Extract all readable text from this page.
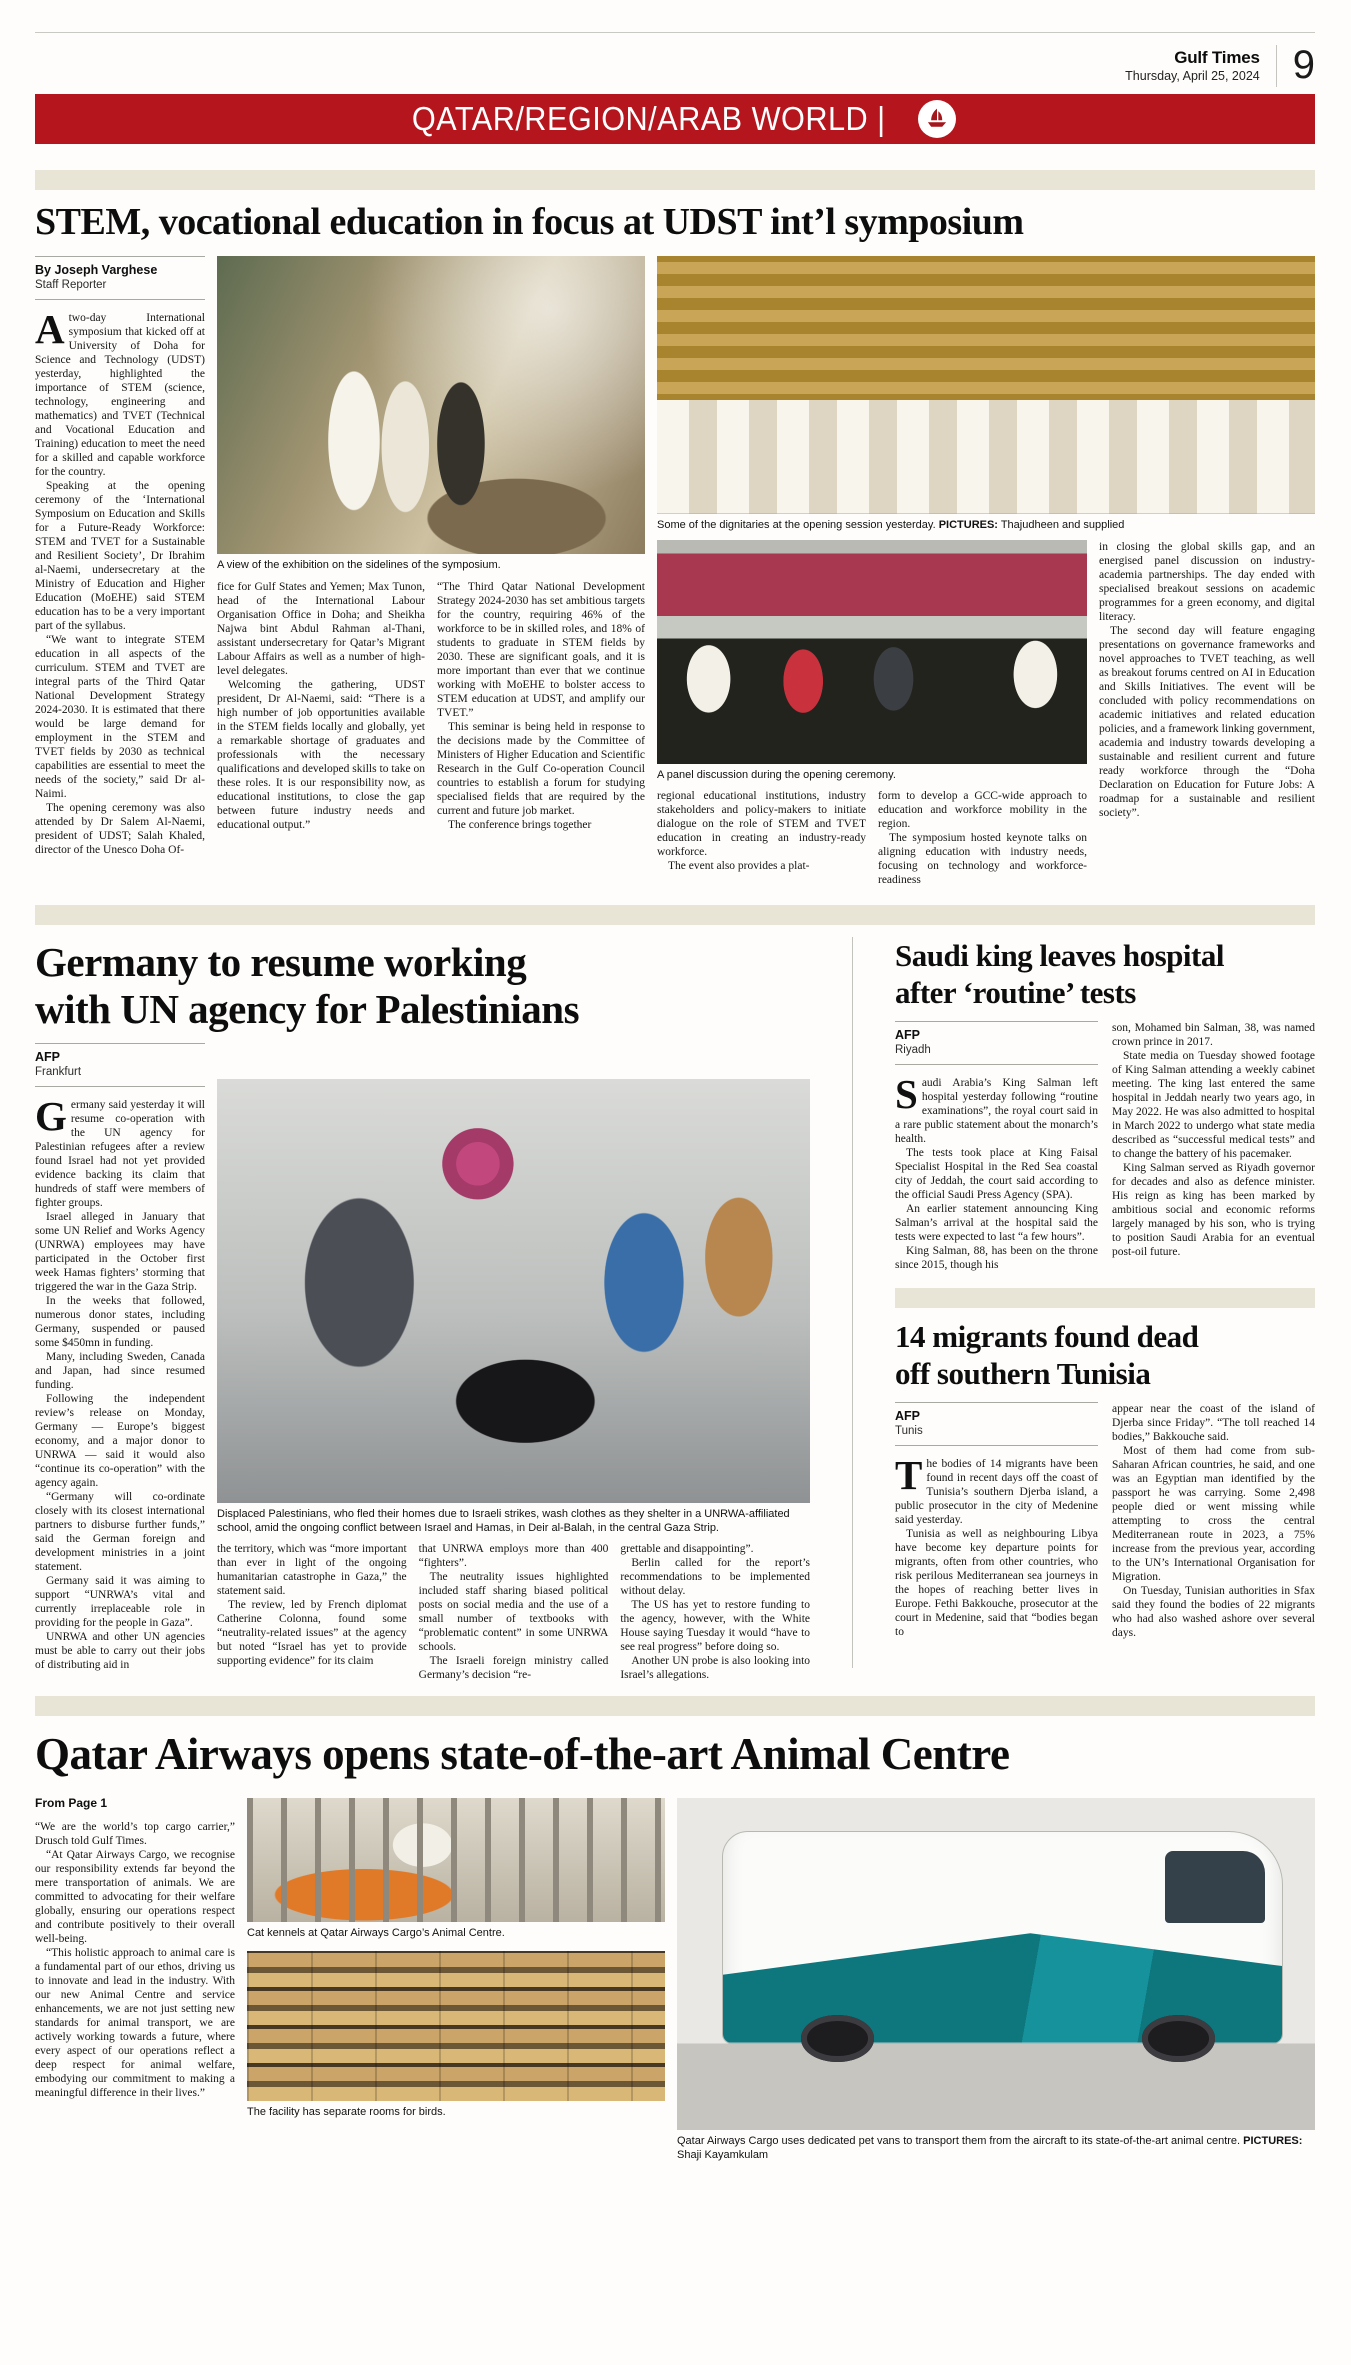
Gulf Times
Thursday, April 25, 2024 9
QATAR/REGION/ARAB WORLD |
STEM, vocational education in focus at UDST int’l symposium
By Joseph Varghese
Staff Reporter

Atwo-day International symposium that kicked off at University of Doha for Science and Technology (UDST) yesterday, highlighted the importance of STEM (science, technology, engineering and mathematics) and TVET (Technical and Vocational Education and Training) education to meet the need for a skilled and capable workforce for the country.

Speaking at the opening ceremony of the ‘International Symposium on Education and Skills for a Future-Ready Workforce: STEM and TVET for a Sustainable and Resilient Society’, Dr Ibrahim al-Naemi, undersecretary at the Ministry of Education and Higher Education (MoEHE) said STEM education has to be a very important part of the syllabus.

“We want to integrate STEM education in all aspects of the curriculum. STEM and TVET are integral parts of the Third Qatar National Development Strategy 2024-2030. It is estimated that there would be large demand for employment in the STEM and TVET fields by 2030 as technical capabilities are essential to meet the needs of the society,” said Dr al-Naimi.

The opening ceremony was also attended by Dr Salem Al-Naemi, president of UDST; Salah Khaled, director of the Unesco Doha Of-

A view of the exhibition on the sidelines of the symposium.

fice for Gulf States and Yemen; Max Tunon, head of the International Labour Organisation Office in Doha; and Sheikha Najwa bint Abdul Rahman al-Thani, assistant undersecretary for Qatar’s Migrant Labour Affairs as well as a number of high-level delegates.

Welcoming the gathering, UDST president, Dr Al-Naemi, said: “There is a high number of job opportunities available in the STEM fields locally and globally, yet a remarkable shortage of graduates and professionals with the necessary qualifications and developed skills to take on these roles. It is our responsibility now, as educational institutions, to close the gap between future industry needs and educational output.”

“The Third Qatar National Development Strategy 2024-2030 has set ambitious targets for the country, requiring 46% of the workforce to be in skilled roles, and 18% of students to graduate in STEM fields by 2030. These are significant goals, and it is more important than ever that we continue working with MoEHE to bolster access to STEM education at UDST, and amplify our TVET.”

This seminar is being held in response to the decisions made by the Committee of Ministers of Higher Education and Scientific Research in the Gulf Co-operation Council countries to establish a forum for studying specialised fields that are required by the current and future job market.

The conference brings together

Some of the dignitaries at the opening session yesterday. PICTURES: Thajudheen and supplied
A panel discussion during the opening ceremony.

regional educational institutions, industry stakeholders and policy-makers to initiate dialogue on the role of STEM and TVET education in creating an industry-ready workforce.

The event also provides a plat-

form to develop a GCC-wide approach to education and workforce mobility in the region.

The symposium hosted keynote talks on aligning education with industry needs, focusing on technology and workforce-readiness

in closing the global skills gap, and an energised panel discussion on industry-academia partnerships. The day ended with specialised breakout sessions on academic programmes for a green economy, and digital literacy.

The second day will feature engaging presentations on governance frameworks and novel approaches to TVET teaching, as well as breakout forums centred on AI in Education and Skills Initiatives. The event will be concluded with policy recommendations on academic initiatives and related education policies, and a framework linking government, academia and industry towards developing a sustainable and resilient current and future ready workforce through the “Doha Declaration on Education for Future Jobs: A roadmap for a sustainable and resilient society”.

Germany to resume working

with UN agency for Palestinians

AFP
Frankfurt

Germany said yesterday it will resume co-operation with the UN agency for Palestinian refugees after a review found Israel had not yet provided evidence backing its claim that hundreds of staff were members of fighter groups.

Israel alleged in January that some UN Relief and Works Agency (UNRWA) employees may have participated in the October first week Hamas fighters’ storming that triggered the war in the Gaza Strip.

In the weeks that followed, numerous donor states, including Germany, suspended or paused some $450mn in funding.

Many, including Sweden, Canada and Japan, had since resumed funding.

Following the independent review’s release on Monday, Germany — Europe’s biggest economy, and a major donor to UNRWA — said it would also “continue its co-operation” with the agency again.

“Germany will co-ordinate closely with its closest international partners to disburse further funds,” said the German foreign and development ministries in a joint statement.

Germany said it was aiming to support “UNRWA’s vital and currently irreplaceable role in providing for the people in Gaza”.

UNRWA and other UN agencies must be able to carry out their jobs of distributing aid in

Displaced Palestinians, who fled their homes due to Israeli strikes, wash clothes as they shelter in a UNRWA-affiliated school, amid the ongoing conflict between Israel and Hamas, in Deir al-Balah, in the central Gaza Strip.

the territory, which was “more important than ever in light of the ongoing humanitarian catastrophe in Gaza,” the statement said.

The review, led by French diplomat Catherine Colonna, found some “neutrality-related issues” at the agency but noted “Israel has yet to provide supporting evidence” for its claim

that UNRWA employs more than 400 “fighters”.

The neutrality issues highlighted included staff sharing biased political posts on social media and the use of a small number of textbooks with “problematic content” in some UNRWA schools.

The Israeli foreign ministry called Germany’s decision “re-

grettable and disappointing”.

Berlin called for the report’s recommendations to be implemented without delay.

The US has yet to restore funding to the agency, however, with the White House saying Tuesday it would “have to see real progress” before doing so.

Another UN probe is also looking into Israel’s allegations.

Saudi king leaves hospital

after ‘routine’ tests

AFP
Riyadh

Saudi Arabia’s King Salman left hospital yesterday following “routine examinations”, the royal court said in a rare public statement about the monarch’s health.

The tests took place at King Faisal Specialist Hospital in the Red Sea coastal city of Jeddah, the court said according to the official Saudi Press Agency (SPA).

An earlier statement announcing King Salman’s arrival at the hospital said the tests were expected to last “a few hours”.

King Salman, 88, has been on the throne since 2015, though his

son, Mohamed bin Salman, 38, was named crown prince in 2017.

State media on Tuesday showed footage of King Salman attending a weekly cabinet meeting. The king last entered the same hospital in Jeddah nearly two years ago, in May 2022. He was also admitted to hospital in March 2022 to undergo what state media described as “successful medical tests” and to change the battery of his pacemaker.

King Salman served as Riyadh governor for decades and also as defence minister. His reign as king has been marked by ambitious social and economic reforms largely managed by his son, who is trying to position Saudi Arabia for an eventual post-oil future.

14 migrants found dead

off southern Tunisia

AFP
Tunis

The bodies of 14 migrants have been found in recent days off the coast of Tunisia’s southern Djerba island, a public prosecutor in the city of Medenine said yesterday.

Tunisia as well as neighbouring Libya have become key departure points for migrants, often from other countries, who risk perilous Mediterranean sea journeys in the hopes of reaching better lives in Europe. Fethi Bakkouche, prosecutor at the court in Medenine, said that “bodies began to

appear near the coast of the island of Djerba since Friday”. “The toll reached 14 bodies,” Bakkouche said.

Most of them had come from sub-Saharan African countries, he said, and one was an Egyptian man identified by the passport he was carrying. Some 2,498 people died or went missing while attempting to cross the central Mediterranean route in 2023, a 75% increase from the previous year, according to the UN’s International Organisation for Migration.

On Tuesday, Tunisian authorities in Sfax said they found the bodies of 22 migrants who had also washed ashore over several days.

Qatar Airways opens state-of-the-art Animal Centre
From Page 1

“We are the world’s top cargo carrier,” Drusch told Gulf Times.

“At Qatar Airways Cargo, we recognise our responsibility extends far beyond the mere transportation of animals. We are committed to advocating for their welfare globally, ensuring our operations respect and contribute positively to their overall well-being.

“This holistic approach to animal care is a fundamental part of our ethos, driving us to innovate and lead in the industry. With our new Animal Centre and service enhancements, we are not just setting new standards for animal transport, we are actively working towards a future, where every aspect of our operations reflect a deep respect for animal welfare, embodying our commitment to making a meaningful difference in their lives.”

Cat kennels at Qatar Airways Cargo’s Animal Centre.
The facility has separate rooms for birds.
Qatar Airways Cargo uses dedicated pet vans to transport them from the aircraft to its state-of-the-art animal centre. PICTURES: Shaji Kayamkulam
